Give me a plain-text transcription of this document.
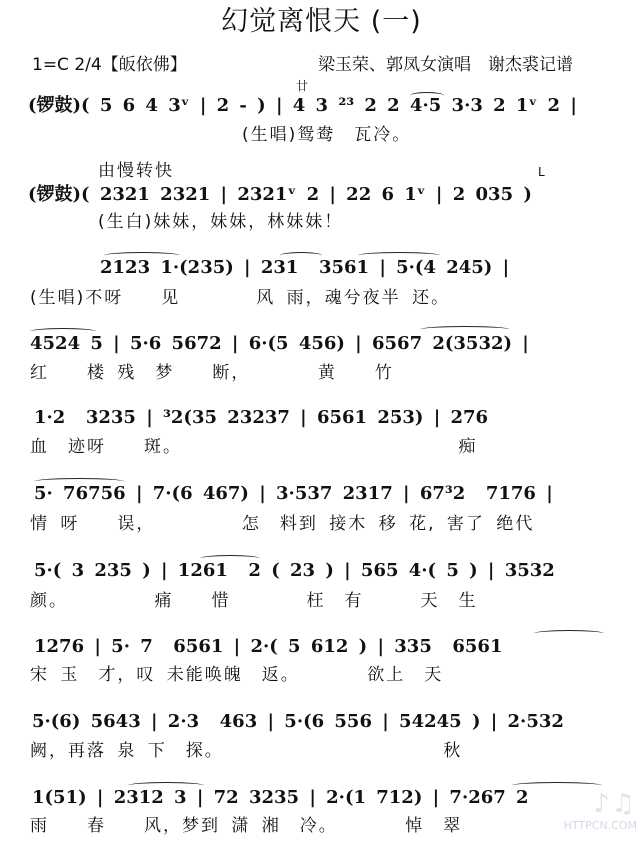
幻觉离恨天 (一)
1=C 2/4【皈依佛】	梁玉荣、郭凤女演唱　谢杰裘记谱
廿
(锣鼓)( 5 6 4 3ᵛ | 2 - ) | 4 3 ²³ 2 2 4·5 3·3 2 1ᵛ 2 |
(生唱)鸳鸯　瓦冷。
由慢转快	L
(锣鼓)( 2321 2321 | 2321ᵛ 2 | 22 6 1ᵛ | 2 035 )
(生白)妹妹，妹妹，林妹妹！
2123 1·(235) | 231  3561 | 5·(4 245) |
(生唱)不呀　　见　　　　风 雨，魂兮夜半 还。
4524 5 | 5·6 5672 | 6·(5 456) | 6567 2(3532) |
红　　楼 残　梦　　断，　　　　黄　　竹
1·2  3235 | ³2(35 23237 | 6561 253) | 276
血　迹呀　　斑。　　　　　　　　　　　　　　　痴
5· 76756 | 7·(6 467) | 3·537 2317 | 67³2  7176 |
情 呀　　误，　　　　　怎　料到 接木 移 花, 害了 绝代
5·( 3 235 ) | 1261  2 ( 23 ) | 565 4·( 5 ) | 3532
颜。　　　　　痛　　惜　　　　枉　有　　　天　生
1276 | 5· 7  6561 | 2·( 5 612 ) | 335  6561
宋 玉　才，叹 未能唤魄　返。　　　　欲上　天
5·(6) 5643 | 2·3  463 | 5·(6 556 | 54245 ) | 2·532
阙，再落 泉 下　探。　　　　　　　　　　　　秋
1(51) | 2312 3 | 72 3235 | 2·(1 712) | 7·267 2
雨　　春　　风，梦到 潇 湘　冷。　　　　悼　翠
♪♫
HTTPCN.COM
